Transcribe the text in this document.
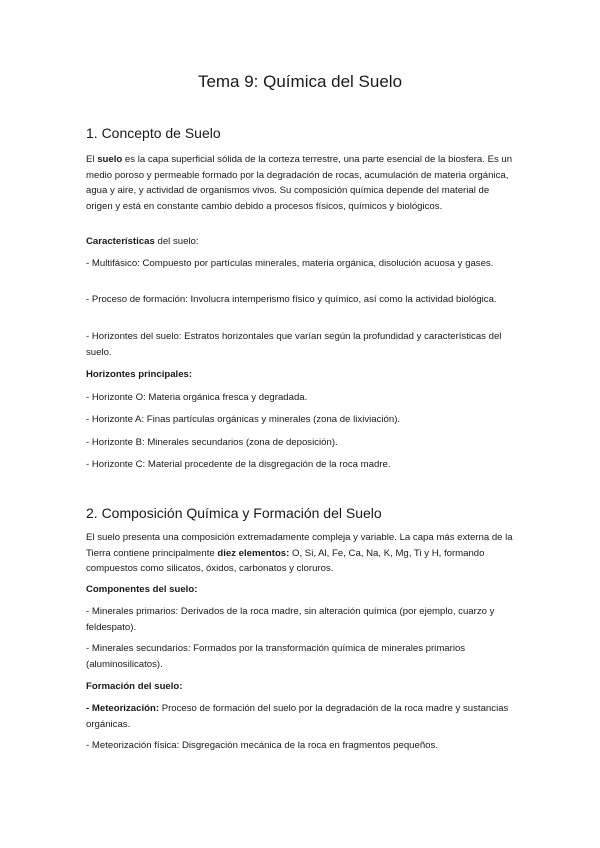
Tema 9: Química del Suelo
1. Concepto de Suelo

El suelo es la capa superficial sólida de la corteza terrestre, una parte esencial de la biosfera. Es un medio poroso y permeable formado por la degradación de rocas, acumulación de materia orgánica, agua y aire, y actividad de organismos vivos. Su composición química depende del material de origen y está en constante cambio debido a procesos físicos, químicos y biológicos.

Características del suelo:

- Multifásico: Compuesto por partículas minerales, materia orgánica, disolución acuosa y gases.

- Proceso de formación: Involucra intemperismo físico y químico, así como la actividad biológica.

- Horizontes del suelo: Estratos horizontales que varían según la profundidad y características del suelo.

Horizontes principales:

- Horizonte O: Materia orgánica fresca y degradada.

- Horizonte A: Finas partículas orgánicas y minerales (zona de lixiviación).

- Horizonte B: Minerales secundarios (zona de deposición).

- Horizonte C: Material procedente de la disgregación de la roca madre.

2. Composición Química y Formación del Suelo

El suelo presenta una composición extremadamente compleja y variable. La capa más externa de la Tierra contiene principalmente diez elementos: O, Si, Al, Fe, Ca, Na, K, Mg, Ti y H, formando compuestos como silicatos, óxidos, carbonatos y cloruros.

Componentes del suelo:

- Minerales primarios: Derivados de la roca madre, sin alteración química (por ejemplo, cuarzo y feldespato).

- Minerales secundarios: Formados por la transformación química de minerales primarios (aluminosilicatos).

Formación del suelo:

- Meteorización: Proceso de formación del suelo por la degradación de la roca madre y sustancias orgánicas.

- Meteorización física: Disgregación mecánica de la roca en fragmentos pequeños.
